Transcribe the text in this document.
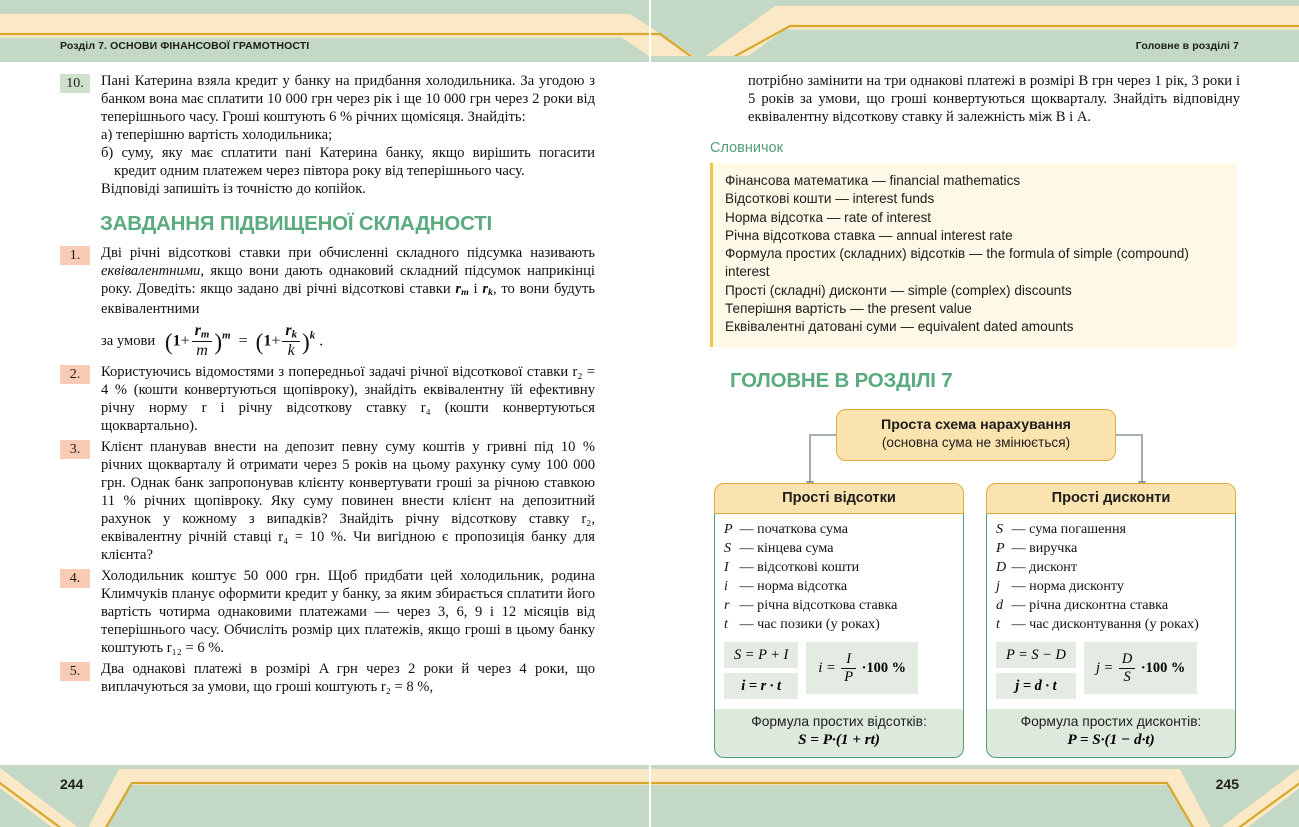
Розділ 7. ОСНОВИ ФІНАНСОВОЇ ГРАМОТНОСТІ	Головне в розділі 7
244	245
10.	Пані Катерина взяла кредит у банку на придбання холодильника. За угодою з банком вона має сплатити 10 000 грн через рік і ще 10 000 грн через 2 роки від теперішнього часу. Гроші коштують 6 % річних щомісяця. Знайдіть:

а) теперішню вартість холодильника;

б) суму, яку має сплатити пані Катерина банку, якщо вирішить погасити кредит одним платежем через півтора року від теперішнього часу.

Відповіді запишіть із точністю до копійок.

ЗАВДАННЯ ПІДВИЩЕНОЇ СКЛАДНОСТІ
1.	Дві річні відсоткові ставки при обчисленні складного підсумка називають еквівалентними, якщо вони дають однаковий складний підсумок наприкінці року. Доведіть: якщо задано дві річні відсоткові ставки $r_m$ і $r_k$, то вони будуть еквівалентними

за умови $(1+ \frac{r_m}{m} )^m = (1+ \frac{r_k}{k} )^k$ .

2.	Користуючись відомостями з попередньої задачі річної відсоткової ставки r₂ = 4 % (кошти конвертуються щопівроку), знайдіть еквівалентну їй ефективну річну норму r і річну відсоткову ставку r₄ (кошти конвертуються щоквартально).
3.	Клієнт планував внести на депозит певну суму коштів у гривні під 10 % річних щокварталу й отримати через 5 років на цьому рахунку суму 100 000 грн. Однак банк запропонував клієнту конвертувати гроші за річною ставкою 11 % річних щопівроку. Яку суму повинен внести клієнт на депозитний рахунок у кожному з випадків? Знайдіть річну відсоткову ставку r₂, еквівалентну річній ставці r₄ = 10 %. Чи вигідною є пропозиція банку для клієнта?
4.	Холодильник коштує 50 000 грн. Щоб придбати цей холодильник, родина Климчуків планує оформити кредит у банку, за яким збирається сплатити його вартість чотирма однаковими платежами — через 3, 6, 9 і 12 місяців від теперішнього часу. Обчисліть розмір цих платежів, якщо гроші в цьому банку коштують r₁₂ = 6 %.
5.	Два однакові платежі в розмірі A грн через 2 роки й через 4 роки, що виплачуються за умови, що гроші коштують r₂ = 8 %,
потрібно замінити на три однакові платежі в розмірі B грн через 1 рік, 3 роки і 5 років за умови, що гроші конвертуються щокварталу. Знайдіть відповідну еквівалентну відсоткову ставку й залежність між B і A.
Словничок
Фінансова математика — financial mathematics
Відсоткові кошти — interest funds
Норма відсотка — rate of interest
Річна відсоткова ставка — annual interest rate
Формула простих (складних) відсотків — the formula of simple (compound) interest
Прості (складні) дисконти — simple (complex) discounts
Теперішня вартість — the present value
Еквівалентні датовані суми — equivalent dated amounts
ГОЛОВНЕ В РОЗДІЛІ 7
Проста схема нарахування
(основна сума не змінюється)
Прості відсотки
P — початкова сума
S — кінцева сума
I — відсоткові кошти
i — норма відсотка
r — річна відсоткова ставка
t — час позики (у роках)
S = P + I
i = r · t
$i = \frac{I}{P} \cdot 100$ %
Формула простих відсотків:
S = P·(1 + rt)
Прості дисконти
S — сума погашення
P — виручка
D — дисконт
j — норма дисконту
d — річна дисконтна ставка
t — час дисконтування (у роках)
P = S − D
j = d · t
$j = \frac{D}{S} \cdot 100$ %
Формула простих дисконтів:
P = S·(1 − d·t)
